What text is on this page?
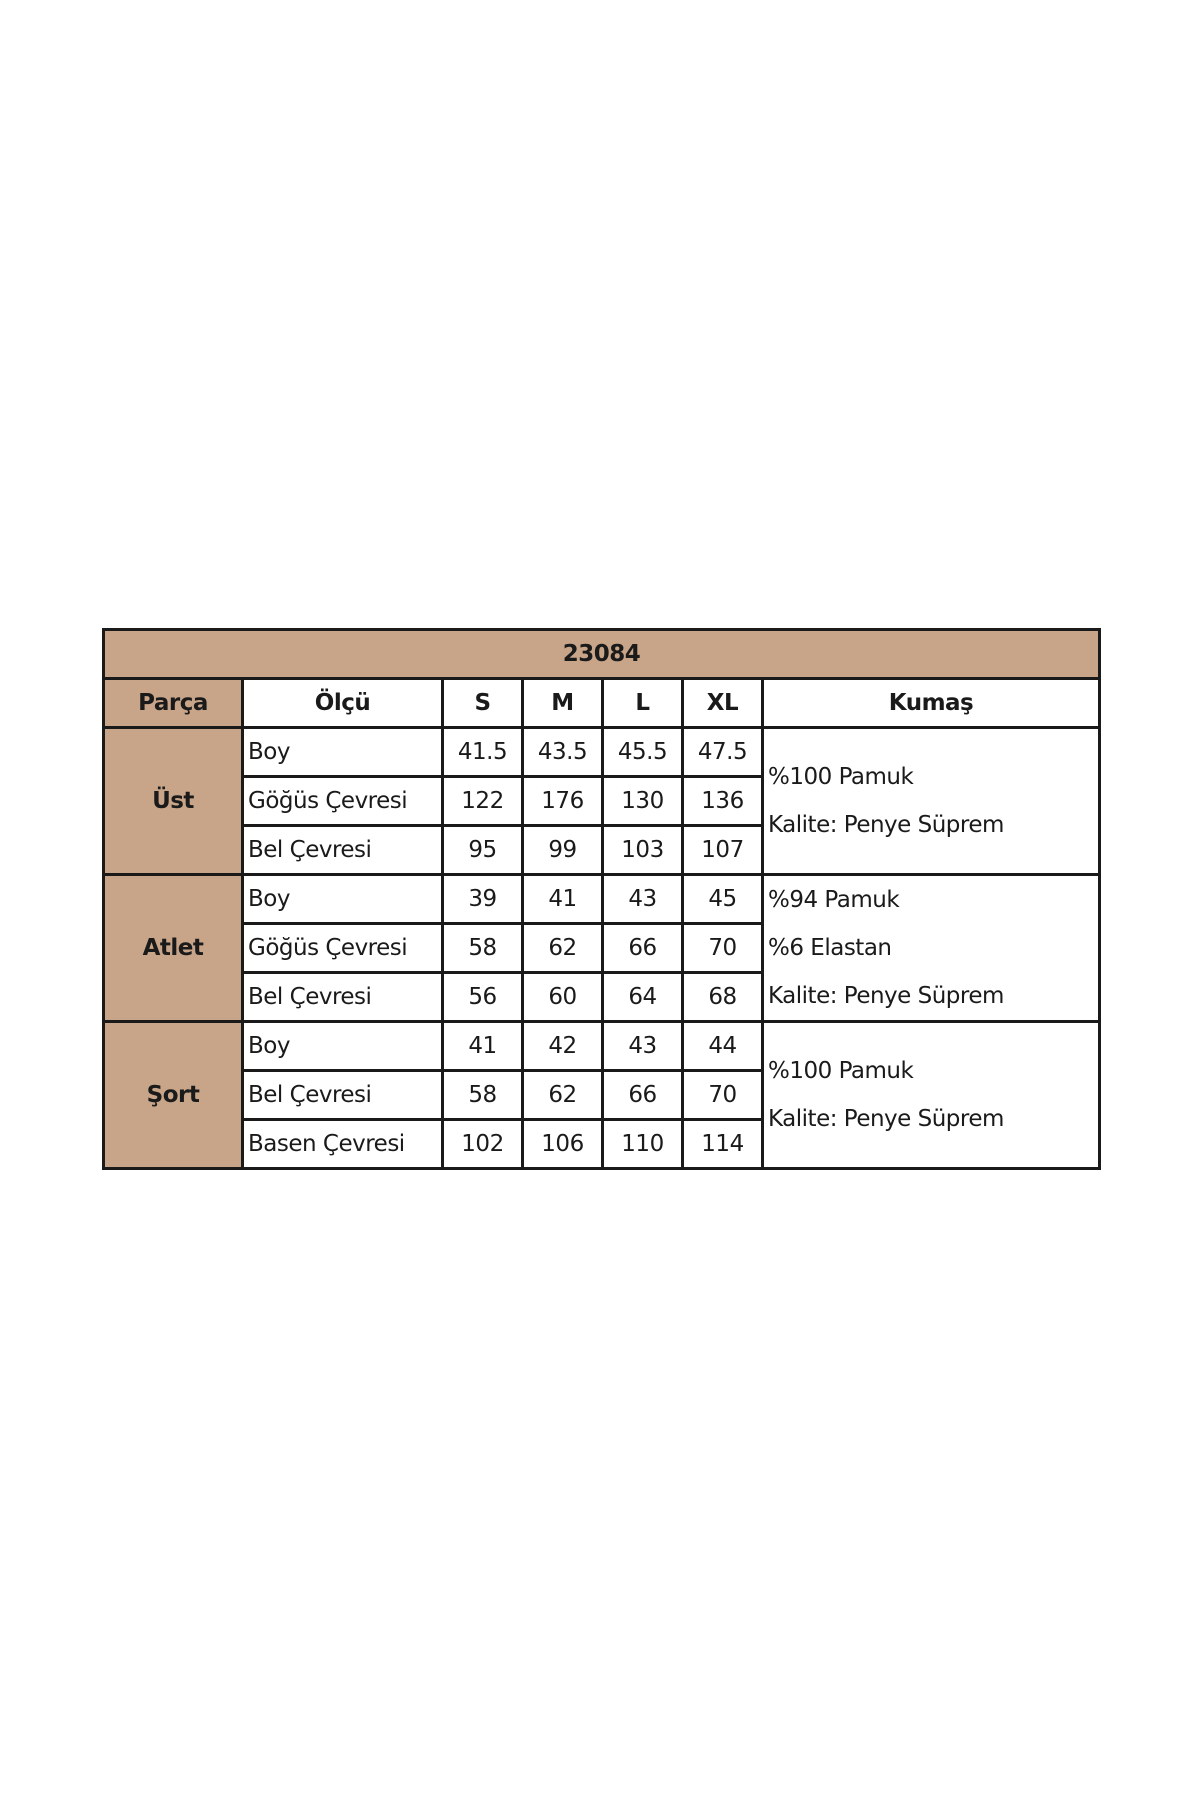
23084						
Parça	Ölçü	S	M	L	XL	Kumaş
Üst	Boy	41.5	43.5	45.5	47.5	%100 Pamuk
Kalite: Penye Süprem

	Göğüs Çevresi	122	176	130	136	
	Bel Çevresi	95	99	103	107	
Atlet	Boy	39	41	43	45	%94 Pamuk
%6 Elastan
Kalite: Penye Süprem

	Göğüs Çevresi	58	62	66	70	
	Bel Çevresi	56	60	64	68	
Şort	Boy	41	42	43	44	%100 Pamuk
Kalite: Penye Süprem

	Bel Çevresi	58	62	66	70	
	Basen Çevresi	102	106	110	114	
